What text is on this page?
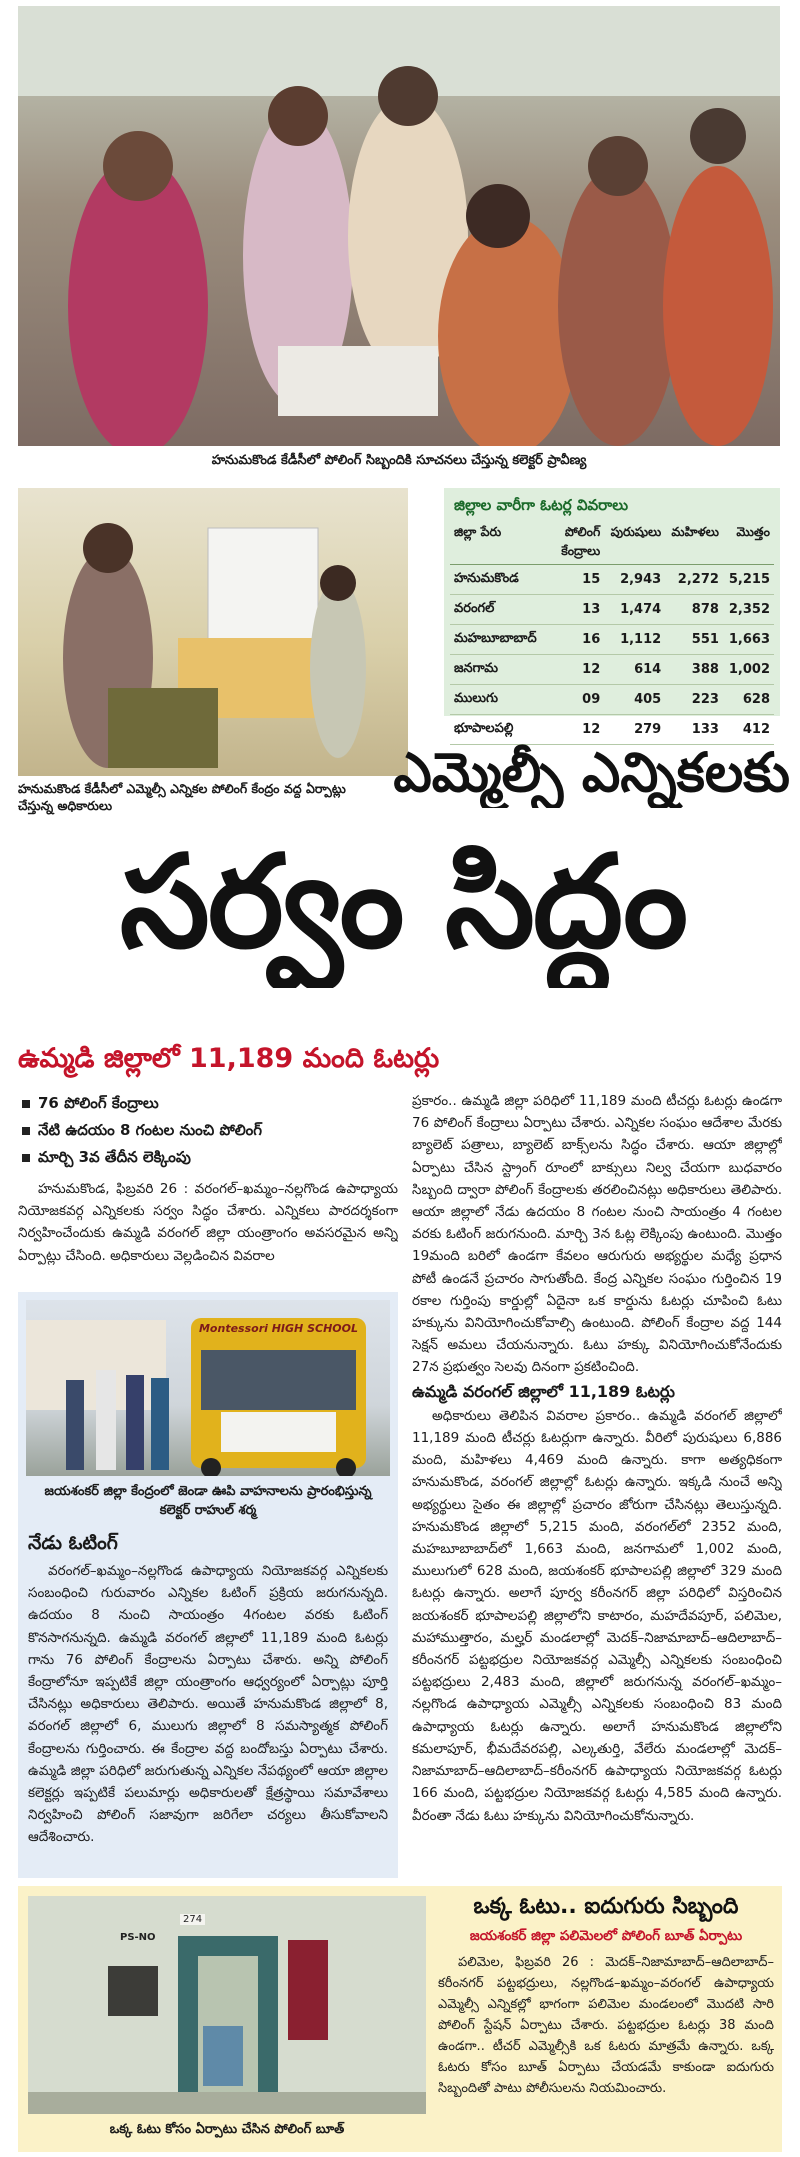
హనుమకొండ కేడీసీలో పోలింగ్ సిబ్బందికి సూచనలు చేస్తున్న కలెక్టర్ ప్రావీణ్య
హనుమకొండ కేడీసీలో ఎమ్మెల్సీ ఎన్నికల పోలింగ్ కేంద్రం వద్ద ఏర్పాట్లు చేస్తున్న అధికారులు
జిల్లాల వారీగా ఓటర్ల వివరాలు
జిల్లా పేరు	పోలింగ్ కేంద్రాలు	పురుషులు	మహిళలు	మొత్తం
హనుమకొండ	15	2,943	2,272	5,215
వరంగల్	13	1,474	878	2,352
మహబూబాబాద్	16	1,112	551	1,663
జనగామ	12	614	388	1,002
ములుగు	09	405	223	628
భూపాలపల్లి	12	279	133	412
ఎమ్మెల్సీ ఎన్నికలకు
సర్వం సిద్ధం
ఉమ్మడి జిల్లాలో 11,189 మంది ఓటర్లు
76 పోలింగ్ కేంద్రాలు
నేటి ఉదయం 8 గంటల నుంచి పోలింగ్
మార్చి 3వ తేదీన లెక్కింపు

హనుమకొండ, ఫిబ్రవరి 26 : వరంగల్–ఖమ్మం–నల్లగొండ ఉపాధ్యాయ నియోజకవర్గ ఎన్నికలకు సర్వం సిద్ధం చేశారు. ఎన్నికలు పారదర్శకంగా నిర్వహించేందుకు ఉమ్మడి వరంగల్ జిల్లా యంత్రాంగం అవసరమైన అన్ని ఏర్పాట్లు చేసింది. అధికారులు వెల్లడించిన వివరాల

Montessori HIGH SCHOOL
జయశంకర్ జిల్లా కేంద్రంలో జెండా ఊపి వాహనాలను ప్రారంభిస్తున్న కలెక్టర్ రాహుల్ శర్మ
నేడు ఓటింగ్

వరంగల్–ఖమ్మం–నల్లగొండ ఉపాధ్యాయ నియోజకవర్గ ఎన్నికలకు సంబంధించి గురువారం ఎన్నికల ఓటింగ్ ప్రక్రియ జరుగనున్నది. ఉదయం 8 నుంచి సాయంత్రం 4గంటల వరకు ఓటింగ్ కొనసాగనున్నది. ఉమ్మడి వరంగల్ జిల్లాలో 11,189 మంది ఓటర్లు గాను 76 పోలింగ్ కేంద్రాలను ఏర్పాటు చేశారు. అన్ని పోలింగ్ కేంద్రాలోనూ ఇప్పటికే జిల్లా యంత్రాంగం ఆధ్వర్యంలో ఏర్పాట్లు పూర్తి చేసినట్లు అధికారులు తెలిపారు. అయితే హనుమకొండ జిల్లాలో 8, వరంగల్ జిల్లాలో 6, ములుగు జిల్లాలో 8 సమస్యాత్మక పోలింగ్ కేంద్రాలను గుర్తించారు. ఈ కేంద్రాల వద్ద బందోబస్తు ఏర్పాటు చేశారు. ఉమ్మడి జిల్లా పరిధిలో జరుగుతున్న ఎన్నికల నేపథ్యంలో ఆయా జిల్లాల కలెక్టర్లు ఇప్పటికే పలుమార్లు అధికారులతో క్షేత్రస్థాయి సమావేశాలు నిర్వహించి పోలింగ్ సజావుగా జరిగేలా చర్యలు తీసుకోవాలని ఆదేశించారు.

ప్రకారం.. ఉమ్మడి జిల్లా పరిధిలో 11,189 మంది టీచర్లు ఓటర్లు ఉండగా 76 పోలింగ్ కేంద్రాలు ఏర్పాటు చేశారు. ఎన్నికల సంఘం ఆదేశాల మేరకు బ్యాలెట్ పత్రాలు, బ్యాలెట్ బాక్స్‌లను సిద్ధం చేశారు. ఆయా జిల్లాల్లో ఏర్పాటు చేసిన స్ట్రాంగ్ రూంలో బాక్సులు నిల్వ చేయగా బుధవారం సిబ్బంది ద్వారా పోలింగ్ కేంద్రాలకు తరలించినట్లు అధికారులు తెలిపారు. ఆయా జిల్లాలో నేడు ఉదయం 8 గంటల నుంచి సాయంత్రం 4 గంటల వరకు ఓటింగ్ జరుగనుంది. మార్చి 3న ఓట్ల లెక్కింపు ఉంటుంది. మొత్తం 19మంది బరిలో ఉండగా కేవలం ఆరుగురు అభ్యర్థుల మధ్యే ప్రధాన పోటీ ఉండనే ప్రచారం సాగుతోంది. కేంద్ర ఎన్నికల సంఘం గుర్తించిన 19 రకాల గుర్తింపు కార్డుల్లో ఏదైనా ఒక కార్డును ఓటర్లు చూపించి ఓటు హక్కును వినియోగించుకోవాల్సి ఉంటుంది. పోలింగ్ కేంద్రాల వద్ద 144 సెక్షన్ అమలు చేయనున్నారు. ఓటు హక్కు వినియోగించుకోనేందుకు 27న ప్రభుత్వం సెలవు దినంగా ప్రకటించింది.

ఉమ్మడి వరంగల్ జిల్లాలో 11,189 ఓటర్లు

అధికారులు తెలిపిన వివరాల ప్రకారం.. ఉమ్మడి వరంగల్ జిల్లాలో 11,189 మంది టీచర్లు ఓటర్లుగా ఉన్నారు. వీరిలో పురుషులు 6,886 మంది, మహిళలు 4,469 మంది ఉన్నారు. కాగా అత్యధికంగా హనుమకొండ, వరంగల్ జిల్లాల్లో ఓటర్లు ఉన్నారు. ఇక్కడి నుంచే అన్ని అభ్యర్థులు సైతం ఈ జిల్లాల్లో ప్రచారం జోరుగా చేసినట్లు తెలుస్తున్నది. హనుమకొండ జిల్లాలో 5,215 మంది, వరంగల్‌లో 2352 మంది, మహబూబాబాద్‌లో 1,663 మంది, జనగామలో 1,002 మంది, ములుగులో 628 మంది, జయశంకర్ భూపాలపల్లి జిల్లాలో 329 మంది ఓటర్లు ఉన్నారు. అలాగే పూర్వ కరీంనగర్ జిల్లా పరిధిలో విస్తరించిన జయశంకర్ భూపాలపల్లి జిల్లాలోని కాటారం, మహదేవపూర్, పలిమెల, మహాముత్తారం, మల్హర్ మండలాల్లో మెదక్–నిజామాబాద్–ఆదిలాబాద్– కరీంనగర్ పట్టభద్రుల నియోజకవర్గ ఎమ్మెల్సీ ఎన్నికలకు సంబంధించి పట్టభద్రులు 2,483 మంది, జిల్లాలో జరుగనున్న వరంగల్–ఖమ్మం–నల్లగొండ ఉపాధ్యాయ ఎమ్మెల్సీ ఎన్నికలకు సంబంధించి 83 మంది ఉపాధ్యాయ ఓటర్లు ఉన్నారు. అలాగే హనుమకొండ జిల్లాలోని కమలాపూర్, భీమదేవరపల్లి, ఎల్కతుర్తి, వేలేరు మండలాల్లో మెదక్–నిజామాబాద్–ఆదిలాబాద్–కరీంనగర్ ఉపాధ్యాయ నియోజకవర్గ ఓటర్లు 166 మంది, పట్టభద్రుల నియోజకవర్గ ఓటర్లు 4,585 మంది ఉన్నారు. వీరంతా నేడు ఓటు హక్కును వినియోగించుకోనున్నారు.

PS-NO
274
ఒక్క ఓటు కోసం ఏర్పాటు చేసిన పోలింగ్ బూత్
ఒక్క ఓటు.. ఐదుగురు సిబ్బంది
జయశంకర్ జిల్లా పలిమెలలో పోలింగ్ బూత్ ఏర్పాటు

పలిమెల, ఫిబ్రవరి 26 : మెదక్–నిజామాబాద్–ఆదిలాబాద్–కరీంనగర్ పట్టభద్రులు, నల్లగొండ–ఖమ్మం–వరంగల్ ఉపాధ్యాయ ఎమ్మెల్సీ ఎన్నికల్లో భాగంగా పలిమెల మండలంలో మొదటి సారి పోలింగ్ స్టేషన్ ఏర్పాటు చేశారు. పట్టభద్రుల ఓటర్లు 38 మంది ఉండగా.. టీచర్ ఎమ్మెల్సీకి ఒక ఓటరు మాత్రమే ఉన్నారు. ఒక్క ఓటరు కోసం బూత్ ఏర్పాటు చేయడమే కాకుండా ఐదుగురు సిబ్బందితో పాటు పోలీసులను నియమించారు.
